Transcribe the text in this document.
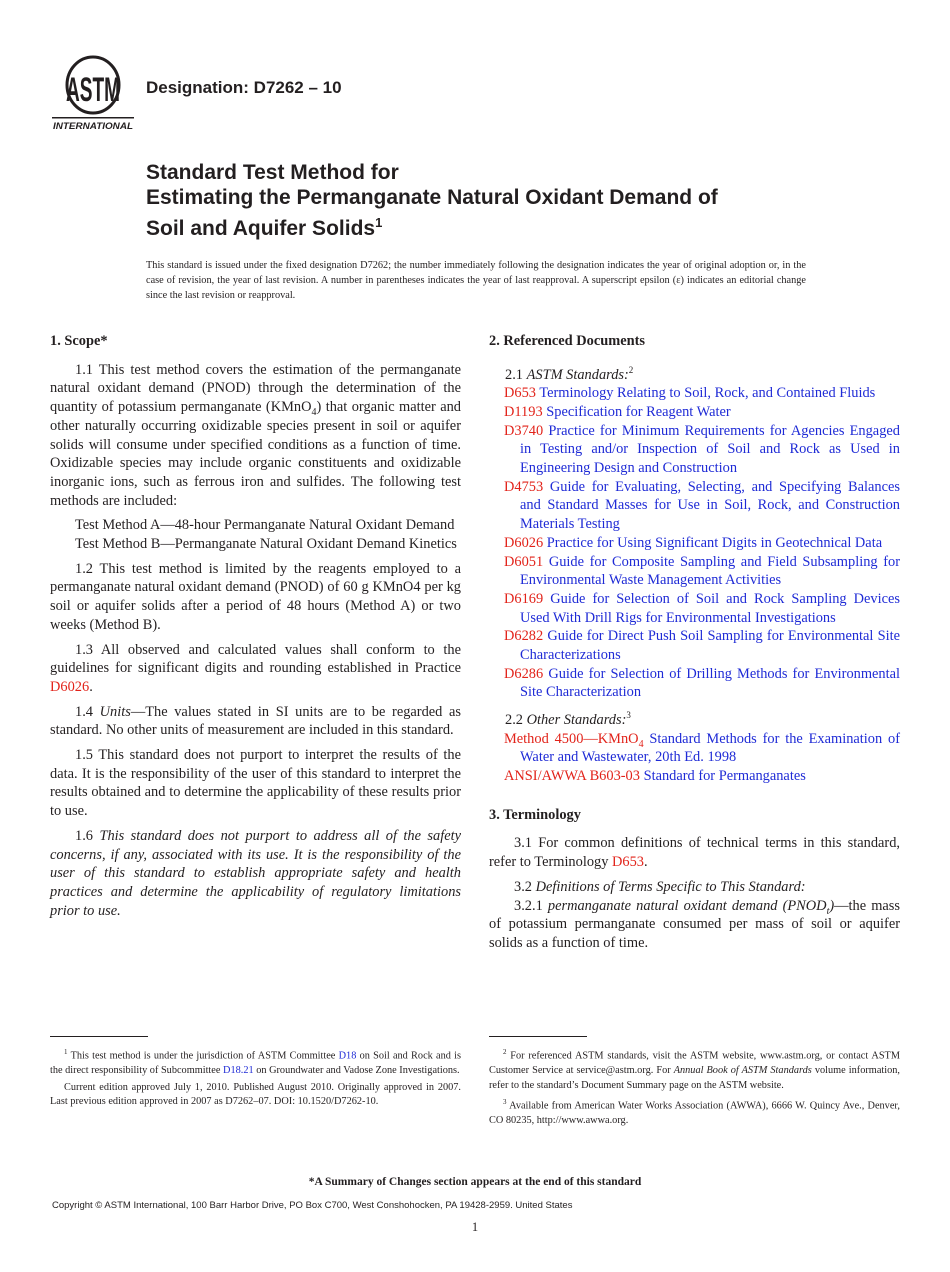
ASTM
INTERNATIONAL
Designation: D7262 – 10
Standard Test Method for
Estimating the Permanganate Natural Oxidant Demand of
Soil and Aquifer Solids$^1$
This standard is issued under the fixed designation D7262; the number immediately following the designation indicates the year of original adoption or, in the case of revision, the year of last revision. A number in parentheses indicates the year of last reapproval. A superscript epsilon (ε) indicates an editorial change since the last revision or reapproval.
1. Scope*

1.1 This test method covers the estimation of the permanganate natural oxidant demand (PNOD) through the determination of the quantity of potassium permanganate (KMnO$_4$) that organic matter and other naturally occurring oxidizable species present in soil or aquifer solids will consume under specified conditions as a function of time. Oxidizable species may include organic constituents and oxidizable inorganic ions, such as ferrous iron and sulfides. The following test methods are included:

Test Method A—48-hour Permanganate Natural Oxidant Demand

Test Method B—Permanganate Natural Oxidant Demand Kinetics

1.2 This test method is limited by the reagents employed to a permanganate natural oxidant demand (PNOD) of 60 g KMnO4 per kg soil or aquifer solids after a period of 48 hours (Method A) or two weeks (Method B).

1.3 All observed and calculated values shall conform to the guidelines for significant digits and rounding established in Practice D6026.

1.4 Units—The values stated in SI units are to be regarded as standard. No other units of measurement are included in this standard.

1.5 This standard does not purport to interpret the results of the data. It is the responsibility of the user of this standard to interpret the results obtained and to determine the applicability of these results prior to use.

1.6 This standard does not purport to address all of the safety concerns, if any, associated with its use. It is the responsibility of the user of this standard to establish appropriate safety and health practices and determine the applicability of regulatory limitations prior to use.

2. Referenced Documents

2.1 ASTM Standards:$^2$

D653 Terminology Relating to Soil, Rock, and Contained Fluids

D1193 Specification for Reagent Water

D3740 Practice for Minimum Requirements for Agencies Engaged in Testing and/or Inspection of Soil and Rock as Used in Engineering Design and Construction

D4753 Guide for Evaluating, Selecting, and Specifying Balances and Standard Masses for Use in Soil, Rock, and Construction Materials Testing

D6026 Practice for Using Significant Digits in Geotechnical Data

D6051 Guide for Composite Sampling and Field Subsampling for Environmental Waste Management Activities

D6169 Guide for Selection of Soil and Rock Sampling Devices Used With Drill Rigs for Environmental Investigations

D6282 Guide for Direct Push Soil Sampling for Environmental Site Characterizations

D6286 Guide for Selection of Drilling Methods for Environmental Site Characterization

2.2 Other Standards:$^3$

Method 4500—KMnO$_4$ Standard Methods for the Examination of Water and Wastewater, 20th Ed. 1998

ANSI/AWWA B603-03 Standard for Permanganates

3. Terminology

3.1 For common definitions of technical terms in this standard, refer to Terminology D653.

3.2 Definitions of Terms Specific to This Standard:

3.2.1 permanganate natural oxidant demand $(PNOD_t)—the$ mass of potassium permanganate consumed per mass of soil or aquifer solids as a function of time.

$^1$ This test method is under the jurisdiction of ASTM Committee D18 on Soil and Rock and is the direct responsibility of Subcommittee D18.21 on Groundwater and Vadose Zone Investigations.

Current edition approved July 1, 2010. Published August 2010. Originally approved in 2007. Last previous edition approved in 2007 as D7262–07. DOI: 10.1520/D7262-10.

$^2$ For referenced ASTM standards, visit the ASTM website, www.astm.org, or contact ASTM Customer Service at service@astm.org. For Annual Book of ASTM Standards volume information, refer to the standard’s Document Summary page on the ASTM website.

$^3$ Available from American Water Works Association (AWWA), 6666 W. Quincy Ave., Denver, CO 80235, http://www.awwa.org.

*A Summary of Changes section appears at the end of this standard
Copyright © ASTM International, 100 Barr Harbor Drive, PO Box C700, West Conshohocken, PA 19428-2959. United States
1
